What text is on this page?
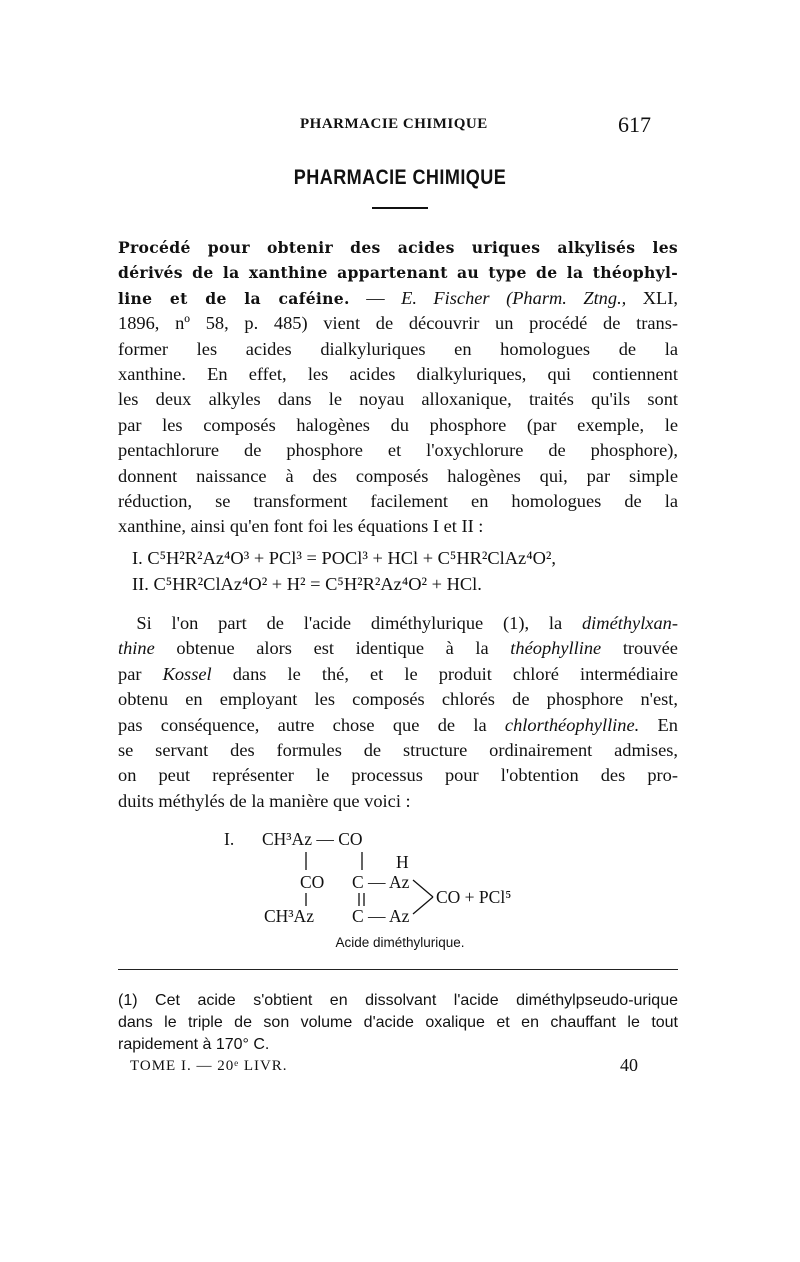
PHARMACIE CHIMIQUE	617
PHARMACIE CHIMIQUE
Procédé pour obtenir des acides uriques alkylisés les
dérivés de la xanthine appartenant au type de la théophyl-
line et de la caféine. — E. Fischer (Pharm. Ztng., XLI,
1896, nº 58, p. 485) vient de découvrir un procédé de trans-
former les acides dialkyluriques en homologues de la
xanthine. En effet, les acides dialkyluriques, qui contiennent
les deux alkyles dans le noyau alloxanique, traités qu'ils sont
par les composés halogènes du phosphore (par exemple, le
pentachlorure de phosphore et l'oxychlorure de phosphore),
donnent naissance à des composés halogènes qui, par simple
réduction, se transforment facilement en homologues de la
xanthine, ainsi qu'en font foi les équations I et II :
I. C⁵H²R²Az⁴O³ + PCl³ = POCl³ + HCl + C⁵HR²ClAz⁴O²,
II. C⁵HR²ClAz⁴O² + H² = C⁵H²R²Az⁴O² + HCl.
 Si l'on part de l'acide diméthylurique (1), la diméthylxan-
thine obtenue alors est identique à la théophylline trouvée
par Kossel dans le thé, et le produit chloré intermédiaire
obtenu en employant les composés chlorés de phosphore n'est,
pas conséquence, autre chose que de la chlorthéophylline. En
se servant des formules de structure ordinairement admises,
on peut représenter le processus pour l'obtention des pro-
duits méthylés de la manière que voici :
I. CH³Az — CO
H
CO C — Az
CO + PCl⁵
CH³Az C — Az
Acide diméthylurique.
(1) Cet acide s'obtient en dissolvant l'acide diméthylpseudo-urique
dans le triple de son volume d'acide oxalique et en chauffant le tout
rapidement à 170° C.
TOME I. — 20ᵉ LIVR.	40
